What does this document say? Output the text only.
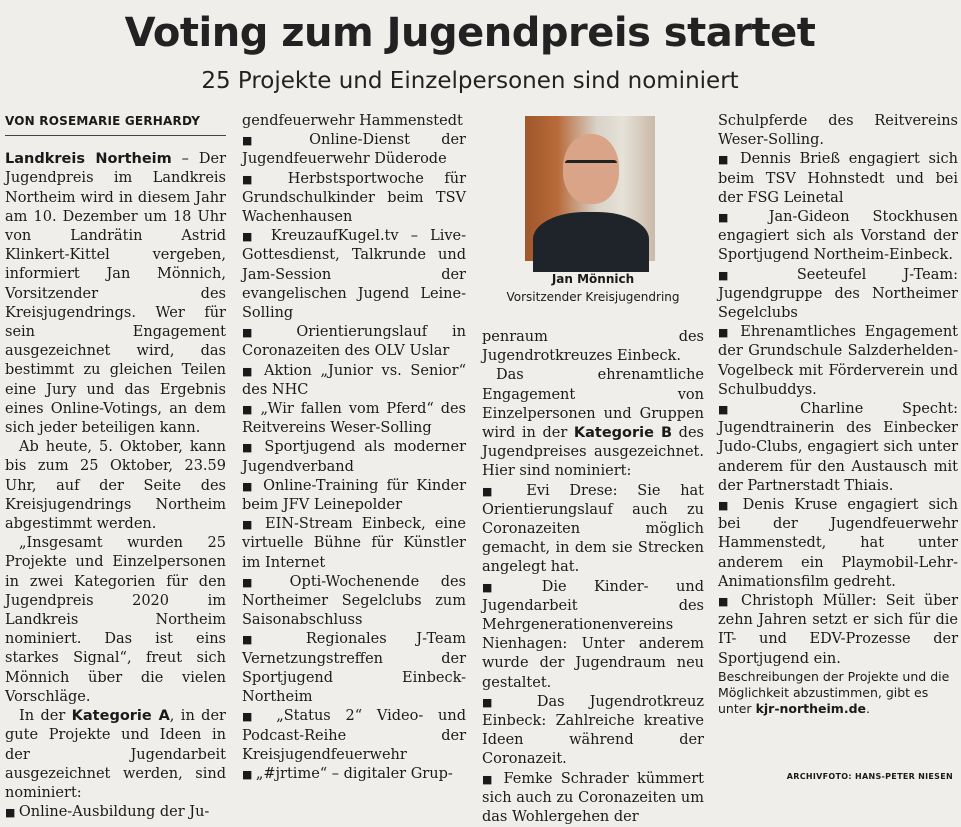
Voting zum Jugendpreis startet
25 Projekte und Einzelpersonen sind nominiert
VON ROSEMARIE GERHARDY

Landkreis Northeim – Der Jugendpreis im Landkreis Northeim wird in diesem Jahr am 10. Dezember um 18 Uhr von Landrätin Astrid Klinkert-Kittel vergeben, informiert Jan Mönnich, Vorsitzender des Kreisjugendrings. Wer für sein Engagement ausgezeichnet wird, das bestimmt zu gleichen Teilen eine Jury und das Ergebnis eines Online-Votings, an dem sich jeder beteiligen kann.

Ab heute, 5. Oktober, kann bis zum 25 Oktober, 23.59 Uhr, auf der Seite des Kreisjugendrings Northeim abgestimmt werden.

„Insgesamt wurden 25 Projekte und Einzelpersonen in zwei Kategorien für den Jugendpreis 2020 im Landkreis Northeim nominiert. Das ist eins starkes Signal“, freut sich Mönnich über die vielen Vorschläge.

In der Kategorie A, in der gute Projekte und Ideen in der Jugendarbeit ausgezeichnet werden, sind nominiert:

■ Online-Ausbildung der Ju-

gendfeuerwehr Hammenstedt

■ Online-Dienst der Jugendfeuerwehr Düderode

■ Herbstsportwoche für Grundschulkinder beim TSV Wachenhausen

■ KreuzaufKugel.tv – Live-Gottesdienst, Talkrunde und Jam-Session der evangelischen Jugend Leine-Solling

■ Orientierungslauf in Coronazeiten des OLV Uslar

■ Aktion „Junior vs. Senior“ des NHC

■ „Wir fallen vom Pferd“ des Reitvereins Weser-Solling

■ Sportjugend als moderner Jugendverband

■ Online-Training für Kinder beim JFV Leinepolder

■ EIN-Stream Einbeck, eine virtuelle Bühne für Künstler im Internet

■ Opti-Wochenende des Northeimer Segelclubs zum Saisonabschluss

■ Regionales J-Team Vernetzungstreffen der Sportjugend Einbeck-Northeim

■ „Status 2“ Video- und Podcast-Reihe der Kreisjugendfeuerwehr

■ „#jrtime“ – digitaler Grup-

Jan Mönnich
Vorsitzender Kreisjugendring

penraum des Jugendrotkreuzes Einbeck.

Das ehrenamtliche Engagement von Einzelpersonen und Gruppen wird in der Kategorie B des Jugendpreises ausgezeichnet. Hier sind nominiert:

■ Evi Drese: Sie hat Orientierungslauf auch zu Coronazeiten möglich gemacht, in dem sie Strecken angelegt hat.

■ Die Kinder- und Jugendarbeit des Mehrgenerationenvereins Nienhagen: Unter anderem wurde der Jugendraum neu gestaltet.

■ Das Jugendrotkreuz Einbeck: Zahlreiche kreative Ideen während der Coronazeit.

■ Femke Schrader kümmert sich auch zu Coronazeiten um das Wohlergehen der

Schulpferde des Reitvereins Weser-Solling.

■ Dennis Brieß engagiert sich beim TSV Hohnstedt und bei der FSG Leinetal

■ Jan-Gideon Stockhusen engagiert sich als Vorstand der Sportjugend Northeim-Einbeck.

■ Seeteufel J-Team: Jugendgruppe des Northeimer Segelclubs

■ Ehrenamtliches Engagement der Grundschule Salzderhelden-Vogelbeck mit Förderverein und Schulbuddys.

■ Charline Specht: Jugendtrainerin des Einbecker Judo-Clubs, engagiert sich unter anderem für den Austausch mit der Partnerstadt Thiais.

■ Denis Kruse engagiert sich bei der Jugendfeuerwehr Hammenstedt, hat unter anderem ein Playmobil-Lehr-Animationsfilm gedreht.

■ Christoph Müller: Seit über zehn Jahren setzt er sich für die IT- und EDV-Prozesse der Sportjugend ein.

Beschreibungen der Projekte und die Möglichkeit abzustimmen, gibt es unter kjr-northeim.de.

ARCHIVFOTO: HANS-PETER NIESEN
